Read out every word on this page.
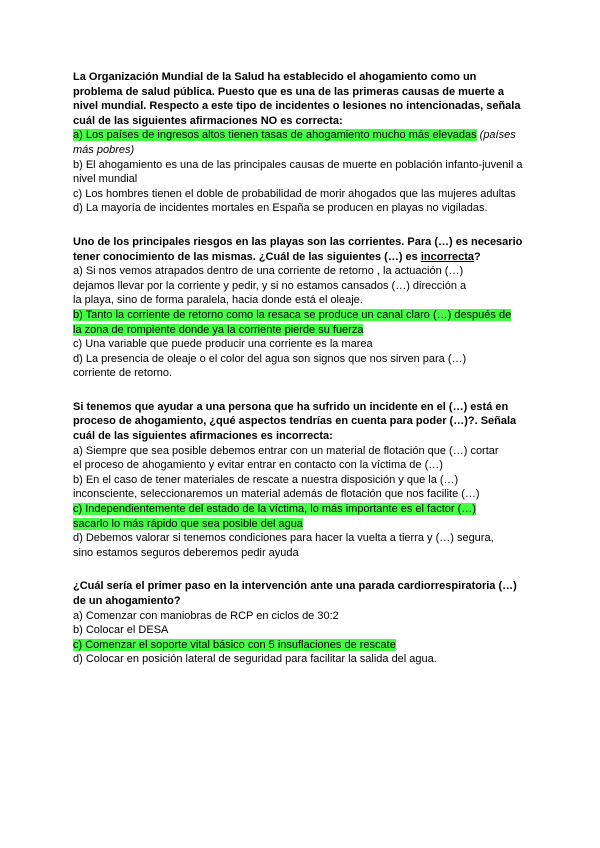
La Organización Mundial de la Salud ha establecido el ahogamiento como un
problema de salud pública. Puesto que es una de las primeras causas de muerte a
nivel mundial. Respecto a este tipo de incidentes o lesiones no intencionadas, señala
cuál de las siguientes afirmaciones NO es correcta:
a) Los países de ingresos altos tienen tasas de ahogamiento mucho más elevadas (países más pobres)
b) El ahogamiento es una de las principales causas de muerte en población infanto-juvenil a
nivel mundial
c) Los hombres tienen el doble de probabilidad de morir ahogados que las mujeres adultas
d) La mayoría de incidentes mortales en España se producen en playas no vigiladas.
Uno de los principales riesgos en las playas son las corrientes. Para (…) es necesario
tener conocimiento de las mismas. ¿Cuál de las siguientes (…) es incorrecta?
a) Si nos vemos atrapados dentro de una corriente de retorno , la actuación (…)
dejamos llevar por la corriente y pedir, y si no estamos cansados (…) dirección a
la playa, sino de forma paralela, hacia donde está el oleaje.
b) Tanto la corriente de retorno como la resaca se produce un canal claro (…) después de
la zona de rompiente donde ya la corriente pierde su fuerza
c) Una variable que puede producir una corriente es la marea
d) La presencia de oleaje o el color del agua son signos que nos sirven para (…)
corriente de retorno.
Si tenemos que ayudar a una persona que ha sufrido un incidente en el (…) está en
proceso de ahogamiento, ¿qué aspectos tendrías en cuenta para poder (…)?. Señala
cuál de las siguientes afirmaciones es incorrecta:
a) Siempre que sea posible debemos entrar con un material de flotación que (…) cortar
el proceso de ahogamiento y evitar entrar en contacto con la víctima de (…)
b) En el caso de tener materiales de rescate a nuestra disposición y que la (…)
inconsciente, seleccionaremos un material además de flotación que nos facilite (…)
c) Independientemente del estado de la víctima, lo más importante es el factor (…)
sacarlo lo más rápido que sea posible del agua
d) Debemos valorar si tenemos condiciones para hacer la vuelta a tierra y (…) segura,
sino estamos seguros deberemos pedir ayuda
¿Cuál sería el primer paso en la intervención ante una parada cardiorrespiratoria (…)
de un ahogamiento?
a) Comenzar con maniobras de RCP en ciclos de 30:2
b) Colocar el DESA
c) Comenzar el soporte vital básico con 5 insuflaciones de rescate
d) Colocar en posición lateral de seguridad para facilitar la salida del agua.
